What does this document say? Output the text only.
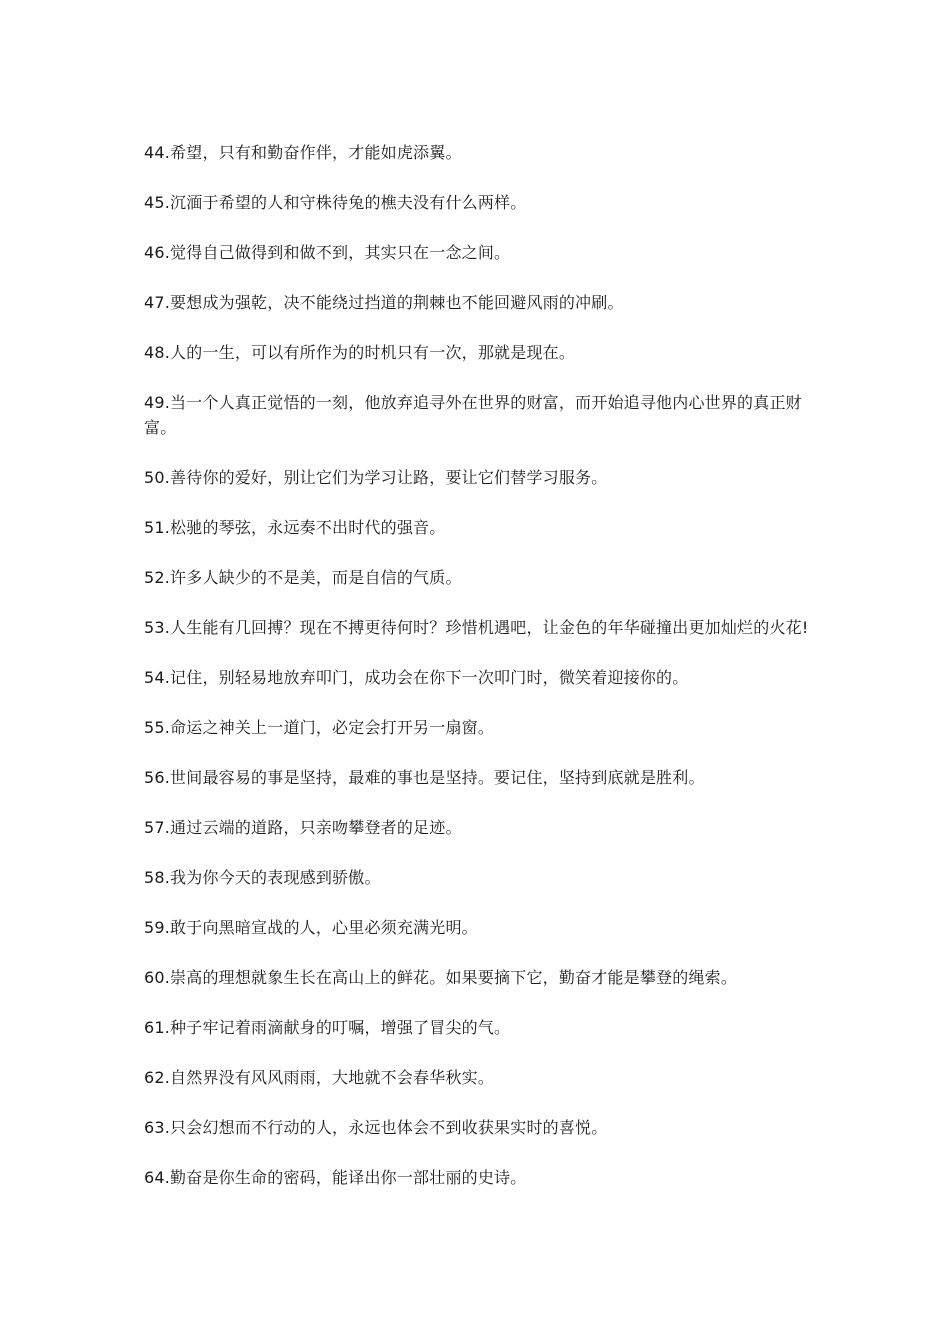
44.希望，只有和勤奋作伴，才能如虎添翼。
45.沉湎于希望的人和守株待兔的樵夫没有什么两样。
46.觉得自己做得到和做不到，其实只在一念之间。
47.要想成为强乾，决不能绕过挡道的荆棘也不能回避风雨的冲刷。
48.人的一生，可以有所作为的时机只有一次，那就是现在。
49.当一个人真正觉悟的一刻，他放弃追寻外在世界的财富，而开始追寻他内心世界的真正财富。
50.善待你的爱好，别让它们为学习让路，要让它们替学习服务。
51.松驰的琴弦，永远奏不出时代的强音。
52.许多人缺少的不是美，而是自信的气质。
53.人生能有几回搏？现在不搏更待何时？珍惜机遇吧，让金色的年华碰撞出更加灿烂的火花!
54.记住，别轻易地放弃叩门，成功会在你下一次叩门时，微笑着迎接你的。
55.命运之神关上一道门，必定会打开另一扇窗。
56.世间最容易的事是坚持，最难的事也是坚持。要记住，坚持到底就是胜利。
57.通过云端的道路，只亲吻攀登者的足迹。
58.我为你今天的表现感到骄傲。
59.敢于向黑暗宣战的人，心里必须充满光明。
60.崇高的理想就象生长在高山上的鲜花。如果要摘下它，勤奋才能是攀登的绳索。
61.种子牢记着雨滴献身的叮嘱，增强了冒尖的气。
62.自然界没有风风雨雨，大地就不会春华秋实。
63.只会幻想而不行动的人，永远也体会不到收获果实时的喜悦。
64.勤奋是你生命的密码，能译出你一部壮丽的史诗。
